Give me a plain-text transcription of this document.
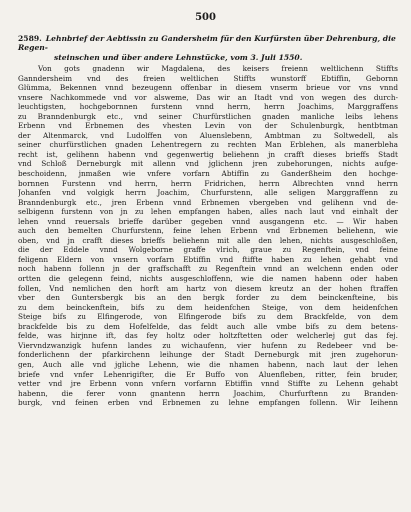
500
2589. Lehnbrief der Aebtissin zu Gandersheim für den Kurfürsten über Dehrenburg, die Regen-
steinschen und über andere Lehnstücke, vom 3. Juli 1550.
Von gots gnadenn wir Magdalena, des keisers freienn weltlichenn Stiffts
Ganndersheim vnd des freien weltlichen Stiffts wunstorff Ebtiffin, Gebornn
Glümma, Bekennen vnnd bezeugenn offenbar in diesem vnserm brieue vor vns vnnd
vnsere Nachkommede vnd vor alsweme, Das wir an Itadt vnd von wegen des durch-
leuchtigsten, hochgebornnen furstenn vnnd herrn, herrn Joachims, Marggraffens
zu Branndenburgk etc., vnd seiner Churfürstlichen gnaden manliche leibs lehens
Erbenn vnd Erbnemen des vhesten Levin von der Schulenburgk, hentbtman
der Altenmarck, vnd Ludolffen von Aluenslebenn, Ambtman zu Soltwedell, als
seiner churfürstlichen gnaden Lehentregern zu rechten Man Erblehen, als manerbleha
recht ist, gelihenn habenn vnd gegenwertig beliehenn jn crafft dieses brieffs Stadt
vnd Schloß Derneburgk mit allenn vnd jglichenn jren zubehorungen, nichts aufge-
beschoidenn, jnmaßen wie vnfere vorfarn Abtiffin zu Ganderßheim den hochge-
bornnen Furstenn vnd herrn, herrn Fridrichen, herrn Albrechten vnnd herrn
Johanfen vnd volgigk herrn Joachim, Churfurstenn, alle seligen Marggraffenn zu
Branndenburgk etc., jren Erbenn vnnd Erbnemen vbergeben vnd gelihenn vnd de-
selbigenn furstenn von jn zu lehen empfangen haben, alles nach laut vnd einhalt der
lehen vnnd reuersals brieffe darüber gegeben vnnd ausgangenn etc. — Wir haben
auch den bemelten Churfurstenn, feine lehen Erbenn vnd Erbnemen beliehenn, wie
oben, vnd jn crafft dieses brieffs beliehenn mit alle den lehen, nichts ausgeschloßen,
die der Eddele vnnd Wolgeborne graffe vlrich, graue zu Regenftein, vnd feine
feligenn Eldern von vnsern vorfarn Ebtiffin vnd ftiffte haben zu lehen gehabt vnd
noch habenn follenn jn der graffschafft zu Regenftein vnnd an welchenn enden oder
ortten die gelegenn feind, nichts ausgeschloffenn, wie die namen habenn oder haben
follen, Vnd nemlichen den horft am hartz von diesem kreutz an der hohen ftraffen
vber den Guntersbergk bis an den bergk forder zu dem beinckenfteine, bis
zu dem beinckenftein, bifs zu dem heidenfchen Steige, von dem heidenfchen
Steige bifs zu Elfingerode, von Elfingerode bifs zu dem Brackfelde, von dem
brackfelde bis zu dem Hofelfelde, das feldt auch alle vmbe bifs zu dem betens-
felde, was hirjnne ift, das fey holtz oder holtzftetten oder welcherlej gut das fej.
Viervndzwanzigk hufenn landes zu wichaufenn, vier hufenn zu Redebeer vnd be-
fonderlichenn der pfarkirchenn leihunge der Stadt Derneburgk mit jren zugehorun-
gen, Auch alle vnd jgliche Lehenn, wie die nhamen habenn, nach laut der lehen
briefe vnd vnfer Lehenrigifter, die Er Buffo von Aluenfleben, ritter, fein bruder,
vetter vnd jre Erbenn vonn vnfern vorfarnn Ebtiffin vnnd Stiffte zu Lehenn gehabt
habenn, die ferer vonn gnantenn herrn Joachim, Churfurftenn zu Branden-
burgk, vnd feinen erben vnd Erbnemen zu lehne empfangen follenn. Wir Ieihenn
